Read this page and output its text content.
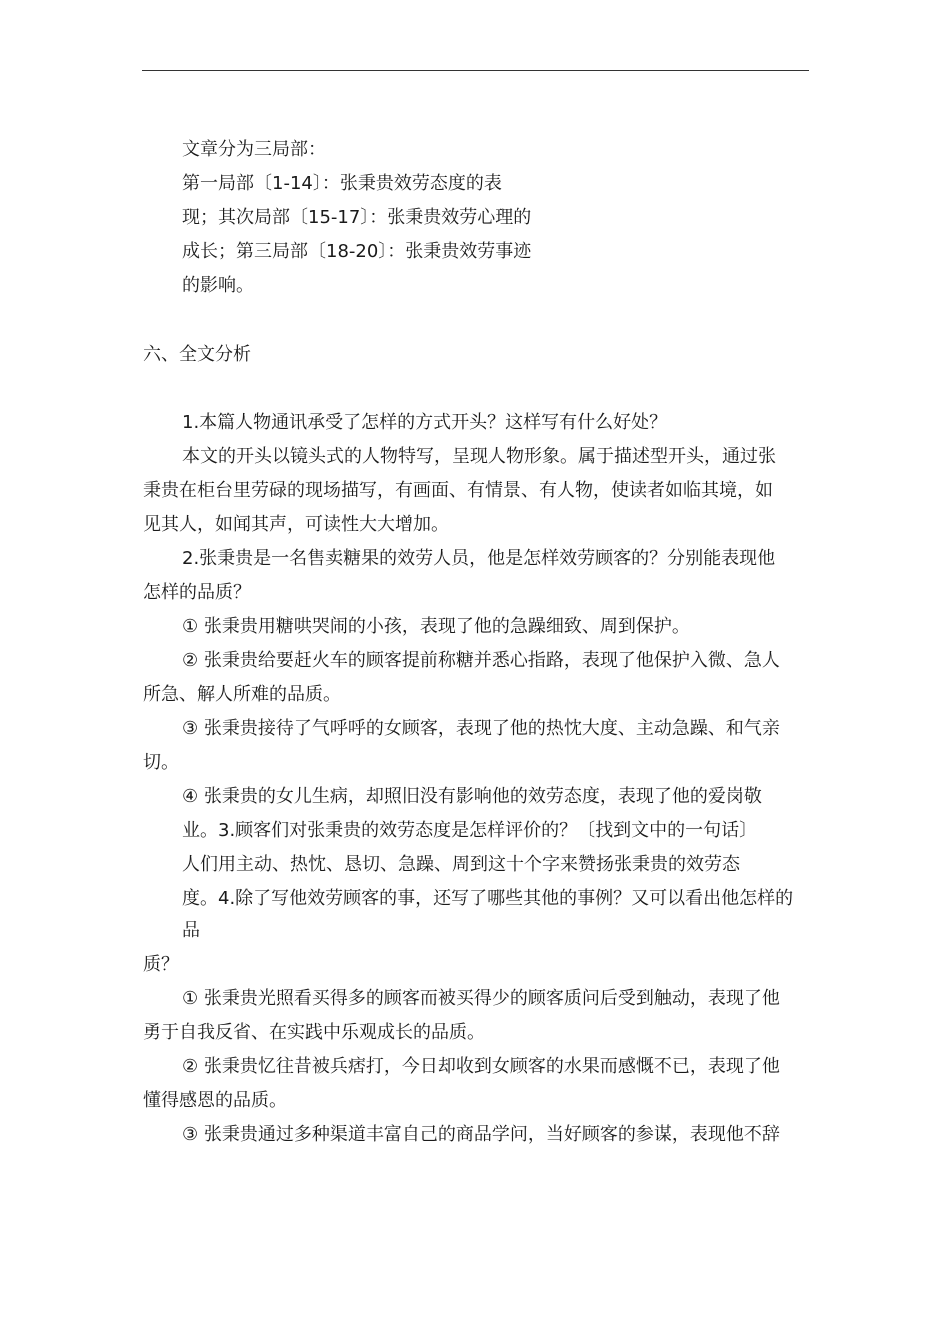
文章分为三局部：
第一局部〔1-14〕：张秉贵效劳态度的表
现；其次局部〔15-17〕：张秉贵效劳心理的
成长；第三局部〔18-20〕：张秉贵效劳事迹
的影响。
六、全文分析
1.本篇人物通讯承受了怎样的方式开头？这样写有什么好处？
本文的开头以镜头式的人物特写，呈现人物形象。属于描述型开头，通过张
秉贵在柜台里劳碌的现场描写，有画面、有情景、有人物，使读者如临其境，如
见其人，如闻其声，可读性大大增加。
2.张秉贵是一名售卖糖果的效劳人员，他是怎样效劳顾客的？分别能表现他
怎样的品质？
① 张秉贵用糖哄哭闹的小孩，表现了他的急躁细致、周到保护。
② 张秉贵给要赶火车的顾客提前称糖并悉心指路，表现了他保护入微、急人
所急、解人所难的品质。
③ 张秉贵接待了气呼呼的女顾客，表现了他的热忱大度、主动急躁、和气亲
切。
④ 张秉贵的女儿生病，却照旧没有影响他的效劳态度，表现了他的爱岗敬
业。3.顾客们对张秉贵的效劳态度是怎样评价的？〔找到文中的一句话〕
人们用主动、热忱、恳切、急躁、周到这十个字来赞扬张秉贵的效劳态
度。4.除了写他效劳顾客的事，还写了哪些其他的事例？又可以看出他怎样的
品
质？
① 张秉贵光照看买得多的顾客而被买得少的顾客质问后受到触动，表现了他
勇于自我反省、在实践中乐观成长的品质。
② 张秉贵忆往昔被兵痞打，今日却收到女顾客的水果而感慨不已，表现了他
懂得感恩的品质。
③ 张秉贵通过多种渠道丰富自己的商品学问，当好顾客的参谋，表现他不辞
